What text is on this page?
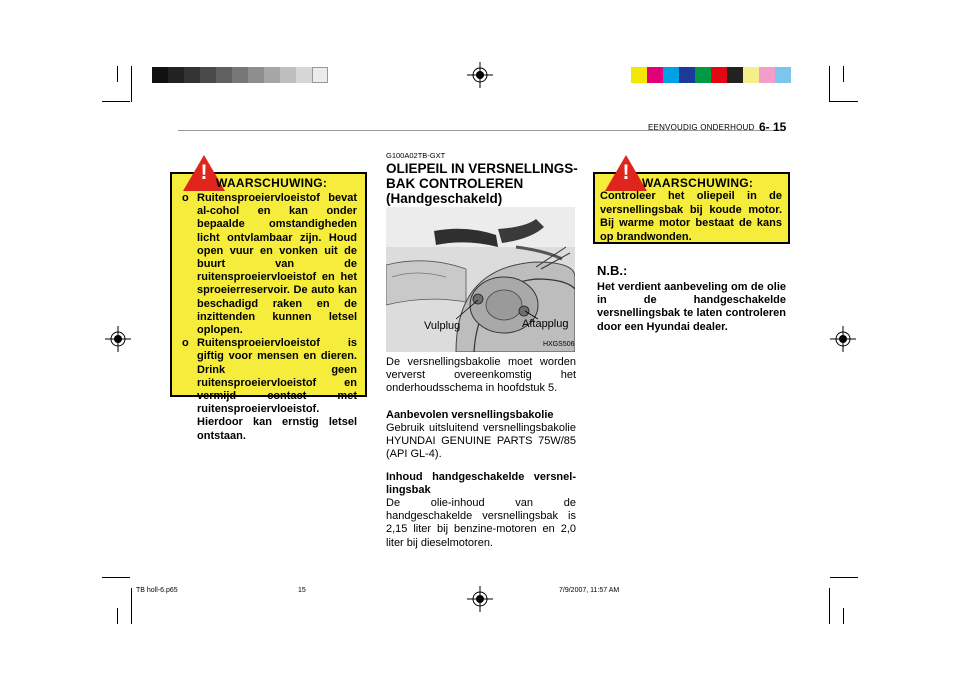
EENVOUDIG ONDERHOUD 6- 15
! WAARSCHUWING:
o Ruitensproeiervloeistof bevat al-cohol en kan onder bepaalde omstandigheden licht ontvlambaar zijn. Houd open vuur en vonken uit de buurt van de ruitensproeiervloeistof en het sproeierreservoir. De auto kan beschadigd raken en de inzittenden kunnen letsel oplopen.
o Ruitensproeiervloeistof is giftig voor mensen en dieren. Drink geen ruitensproeiervloeistof en vermijd contact met ruitensproeiervloeistof. Hierdoor kan ernstig letsel ontstaan.
G100A02TB-GXT
OLIEPEIL IN VERSNELLINGS-BAK CONTROLEREN (Handgeschakeld)
Vulplug	Aftapplug
HXGS506
De versnellingsbakolie moet worden ververst overeenkomstig het onderhoudsschema in hoofdstuk 5.
Aanbevolen versnellingsbakolie
Gebruik uitsluitend versnellingsbakolie HYUNDAI GENUINE PARTS 75W/85 (API GL-4).
Inhoud handgeschakelde versnel-lingsbak
De olie-inhoud van de handgeschakelde versnellingsbak is 2,15 liter bij benzine-motoren en 2,0 liter bij dieselmotoren.
!	WAARSCHUWING:
Controleer het oliepeil in de versnellingsbak bij koude motor. Bij warme motor bestaat de kans op brandwonden.
N.B.:
Het verdient aanbeveling om de olie in de handgeschakelde versnellingsbak te laten controleren door een Hyundai dealer.
TB holl-6.p65	15	7/9/2007, 11:57 AM
